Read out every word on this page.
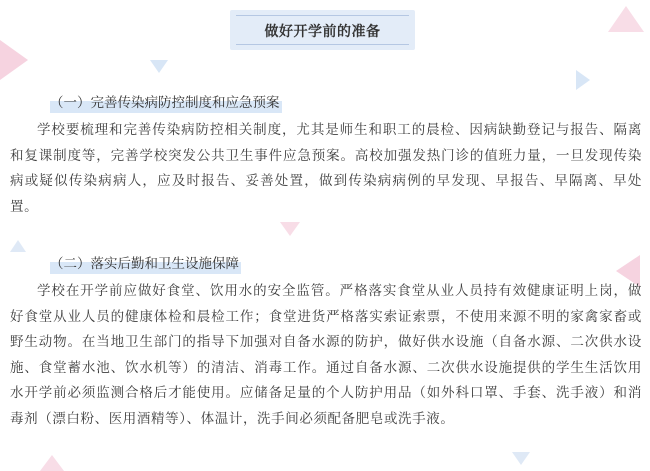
做好开学前的准备
（一）完善传染病防控制度和应急预案

学校要梳理和完善传染病防控相关制度，尤其是师生和职工的晨检、因病缺勤登记与报告、隔离和复课制度等，完善学校突发公共卫生事件应急预案。高校加强发热门诊的值班力量，一旦发现传染病或疑似传染病病人，应及时报告、妥善处置，做到传染病病例的早发现、早报告、早隔离、早处置。

（二）落实后勤和卫生设施保障

学校在开学前应做好食堂、饮用水的安全监管。严格落实食堂从业人员持有效健康证明上岗，做好食堂从业人员的健康体检和晨检工作；食堂进货严格落实索证索票，不使用来源不明的家禽家畜或野生动物。在当地卫生部门的指导下加强对自备水源的防护，做好供水设施（自备水源、二次供水设施、食堂蓄水池、饮水机等）的清洁、消毒工作。通过自备水源、二次供水设施提供的学生生活饮用水开学前必须监测合格后才能使用。应储备足量的个人防护用品（如外科口罩、手套、洗手液）和消毒剂（漂白粉、医用酒精等）、体温计，洗手间必须配备肥皂或洗手液。
